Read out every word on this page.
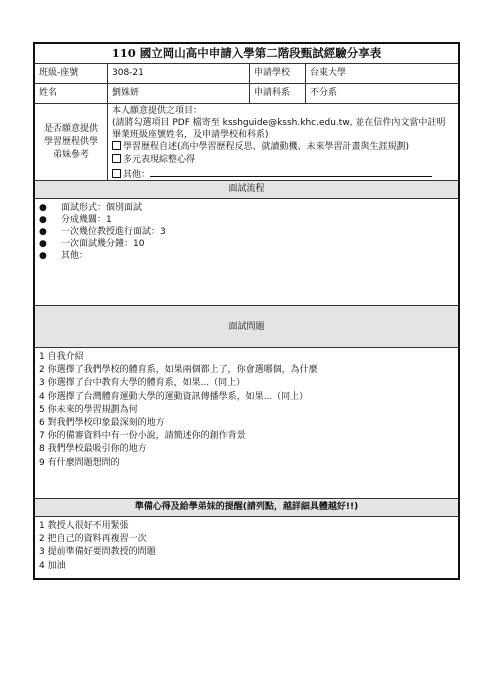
110 國立岡山高中申請入學第二階段甄試經驗分享表
班級-座號	308-21	申請學校	台東大學
姓名	劉姝妍	申請科系	不分系
是否願意提供學習歷程供學弟妹參考
本人願意提供之項目：
(請將勾選項目 PDF 檔寄至 ksshguide@kssh.khc.edu.tw, 並在信件內文當中註明
畢業班級座號姓名，及申請學校和科系)
學習歷程自述(高中學習歷程反思、就讀動機、未來學習計畫與生涯規劃)
多元表現綜整心得
其他：
面試流程
● 面試形式：個別面試
● 分成幾關：1
● 一次幾位教授進行面試：3
● 一次面試幾分鐘：10
● 其他：
面試問題
1 自我介紹
2 你選擇了我們學校的體育系，如果兩個都上了，你會選哪個，為什麼
3 你選擇了台中教育大學的體育系，如果...（同上）
4 你選擇了台灣體育運動大學的運動資訊傳播學系，如果...（同上）
5 你未來的學習規劃為何
6 對我們學校印象最深刻的地方
7 你的備審資料中有一份小說，請簡述你的創作背景
8 我們學校最吸引你的地方
9 有什麼問題想問的
準備心得及給學弟妹的提醒(請列點，越詳細具體越好!!)
1 教授人很好不用緊張
2 把自己的資料再複習一次
3 提前準備好要問教授的問題
4 加油
